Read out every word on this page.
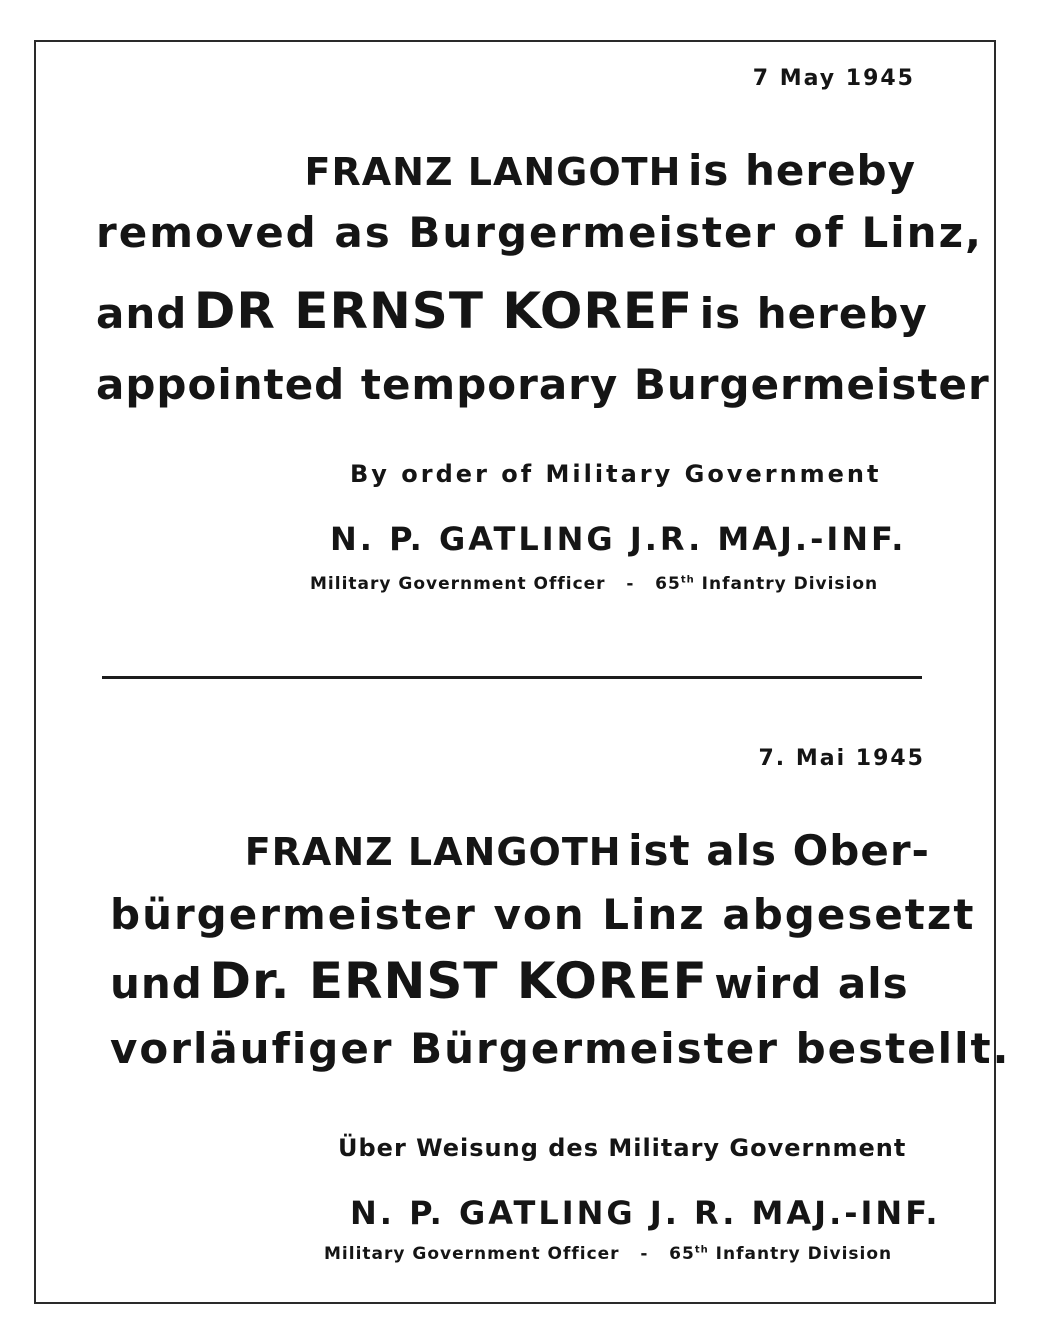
7 May 1945
FRANZ LANGOTH is hereby
removed as Burgermeister of Linz,
and DR ERNST KOREF is hereby
appointed temporary Burgermeister
By order of Military Government
N. P. GATLING J.R. MAJ.-INF.
Military Government Officer - 65th Infantry Division
7. Mai 1945
FRANZ LANGOTH ist als Ober-
bürgermeister von Linz abgesetzt
und Dr. ERNST KOREF wird als
vorläufiger Bürgermeister bestellt.
Über Weisung des Military Government
N. P. GATLING J. R. MAJ.-INF.
Military Government Officer - 65th Infantry Division
